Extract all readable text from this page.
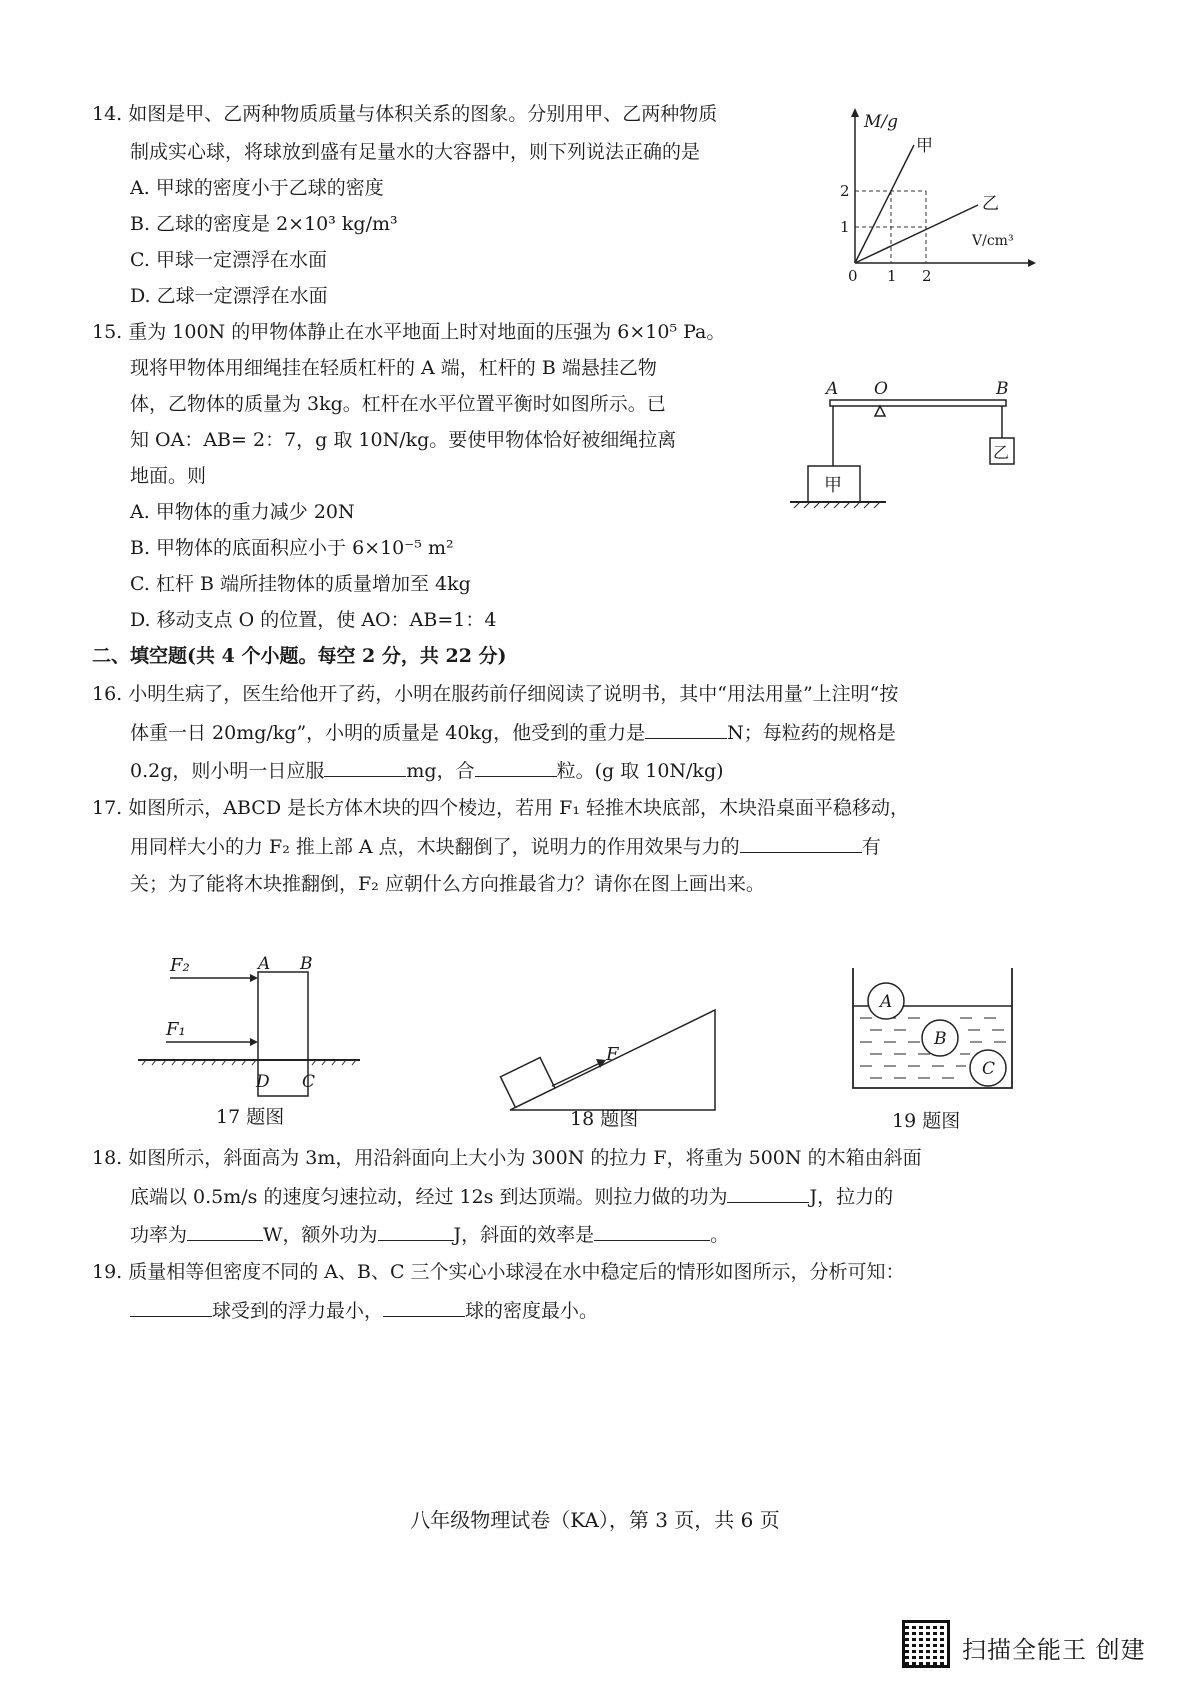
14. 如图是甲、乙两种物质质量与体积关系的图象。分别用甲、乙两种物质
制成实心球，将球放到盛有足量水的大容器中，则下列说法正确的是
A. 甲球的密度小于乙球的密度
B. 乙球的密度是 2×10³ kg/m³
C. 甲球一定漂浮在水面
D. 乙球一定漂浮在水面
M/g
V/cm³
0 1 2
1
2
甲
乙
15. 重为 100N 的甲物体静止在水平地面上时对地面的压强为 6×10⁵ Pa。
现将甲物体用细绳挂在轻质杠杆的 A 端，杠杆的 B 端悬挂乙物
体，乙物体的质量为 3kg。杠杆在水平位置平衡时如图所示。已
知 OA：AB= 2：7，g 取 10N/kg。要使甲物体恰好被细绳拉离
地面。则
A. 甲物体的重力减少 20N
B. 甲物体的底面积应小于 6×10⁻⁵ m²
C. 杠杆 B 端所挂物体的质量增加至 4kg
D. 移动支点 O 的位置，使 AO：AB=1：4
A O	B
甲
乙
二、填空题(共 4 个小题。每空 2 分，共 22 分)
16. 小明生病了，医生给他开了药，小明在服药前仔细阅读了说明书，其中“用法用量”上注明“按
体重一日 20mg/kg”，小明的质量是 40kg，他受到的重力是	N；每粒药的规格是
0.2g，则小明一日应服	mg，合	粒。(g 取 10N/kg)
17. 如图所示，ABCD 是长方体木块的四个棱边，若用 F₁ 轻推木块底部，木块沿桌面平稳移动，
用同样大小的力 F₂ 推上部 A 点，木块翻倒了，说明力的作用效果与力的	有
关；为了能将木块推翻倒，F₂ 应朝什么方向推最省力？请你在图上画出来。
F₂
F₁
A B
D C
17 题图
F
18 题图
A
B
C
19 题图
18. 如图所示，斜面高为 3m，用沿斜面向上大小为 300N 的拉力 F，将重为 500N 的木箱由斜面
底端以 0.5m/s 的速度匀速拉动，经过 12s 到达顶端。则拉力做的功为	J，拉力的
功率为	W，额外功为	J，斜面的效率是	。
19. 质量相等但密度不同的 A、B、C 三个实心小球浸在水中稳定后的情形如图所示，分析可知：
球受到的浮力最小，	球的密度最小。
八年级物理试卷（KA），第 3 页，共 6 页
扫描全能王 创建
